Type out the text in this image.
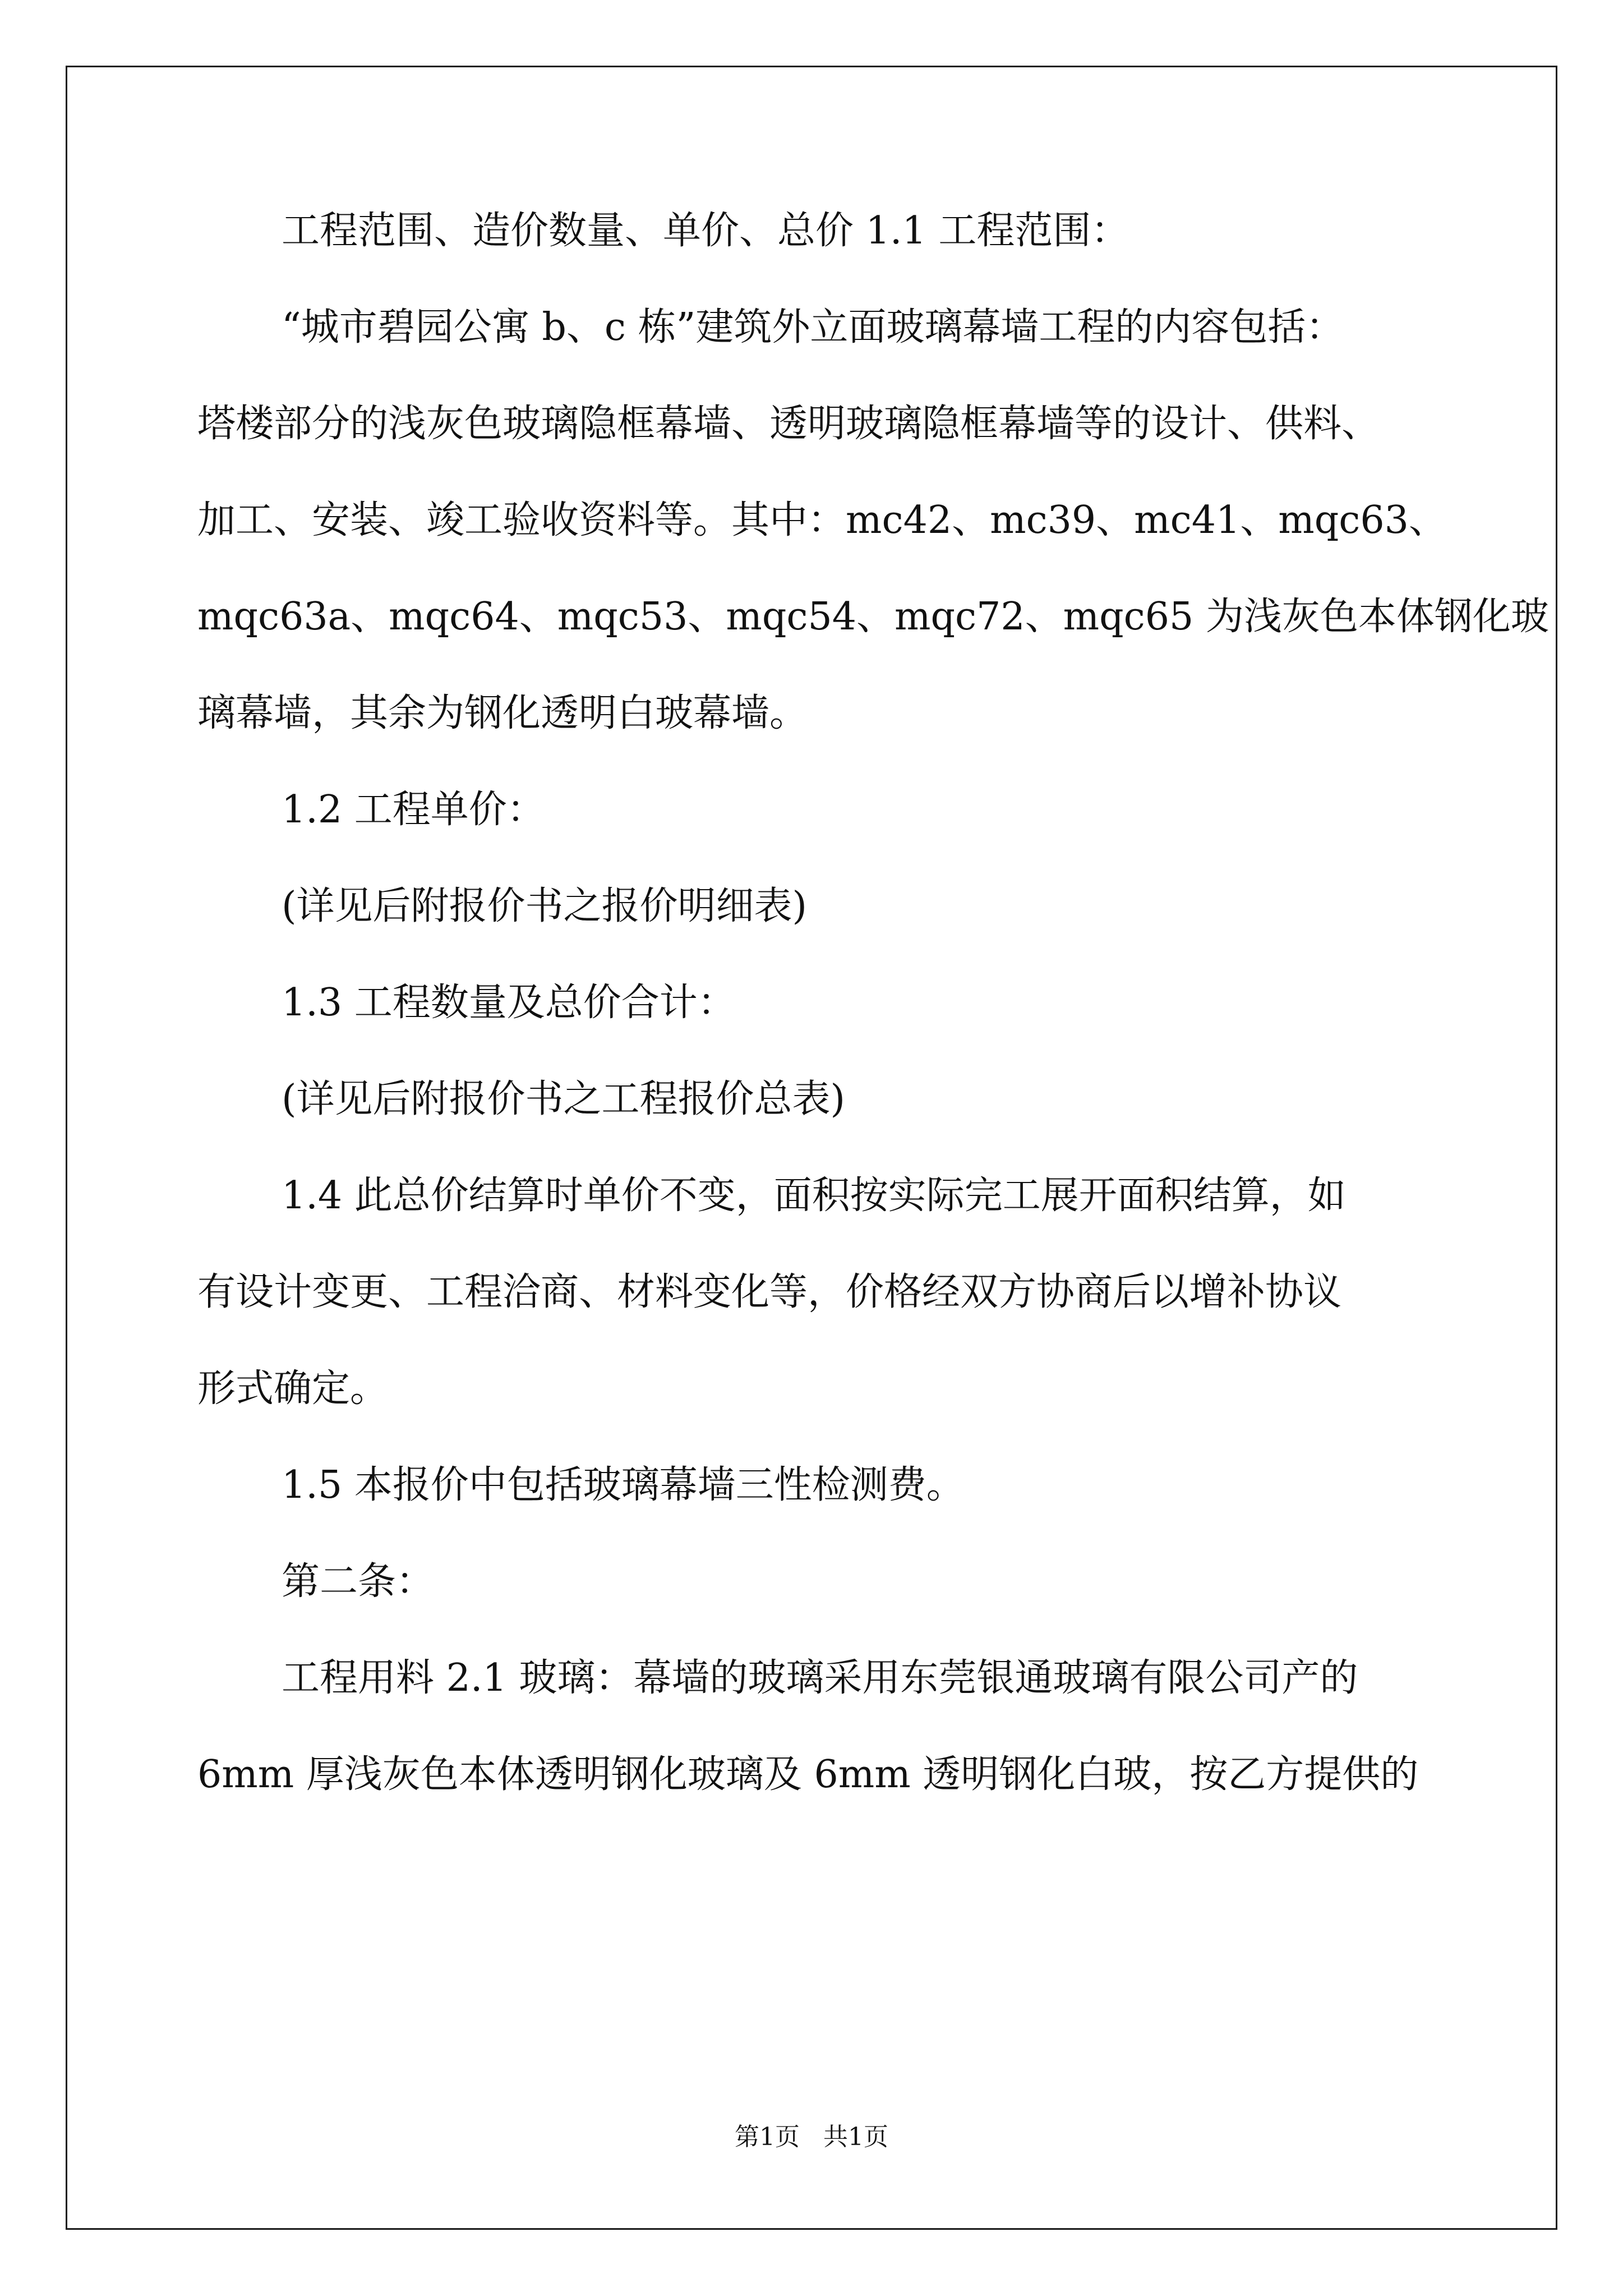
工程范围、造价数量、单价、总价 1.1 工程范围：
“城市碧园公寓 b、c 栋”建筑外立面玻璃幕墙工程的内容包括：
塔楼部分的浅灰色玻璃隐框幕墙、透明玻璃隐框幕墙等的设计、供料、
加工、安装、竣工验收资料等。其中：mc42、mc39、mc41、mqc63、
mqc63a、mqc64、mqc53、mqc54、mqc72、mqc65 为浅灰色本体钢化玻
璃幕墙，其余为钢化透明白玻幕墙。
1.2 工程单价：
(详见后附报价书之报价明细表)
1.3 工程数量及总价合计：
(详见后附报价书之工程报价总表)
1.4 此总价结算时单价不变，面积按实际完工展开面积结算，如
有设计变更、工程洽商、材料变化等，价格经双方协商后以增补协议
形式确定。
1.5 本报价中包括玻璃幕墙三性检测费。
第二条：
工程用料 2.1 玻璃：幕墙的玻璃采用东莞银通玻璃有限公司产的
6mm 厚浅灰色本体透明钢化玻璃及 6mm 透明钢化白玻，按乙方提供的
第1页   共1页
